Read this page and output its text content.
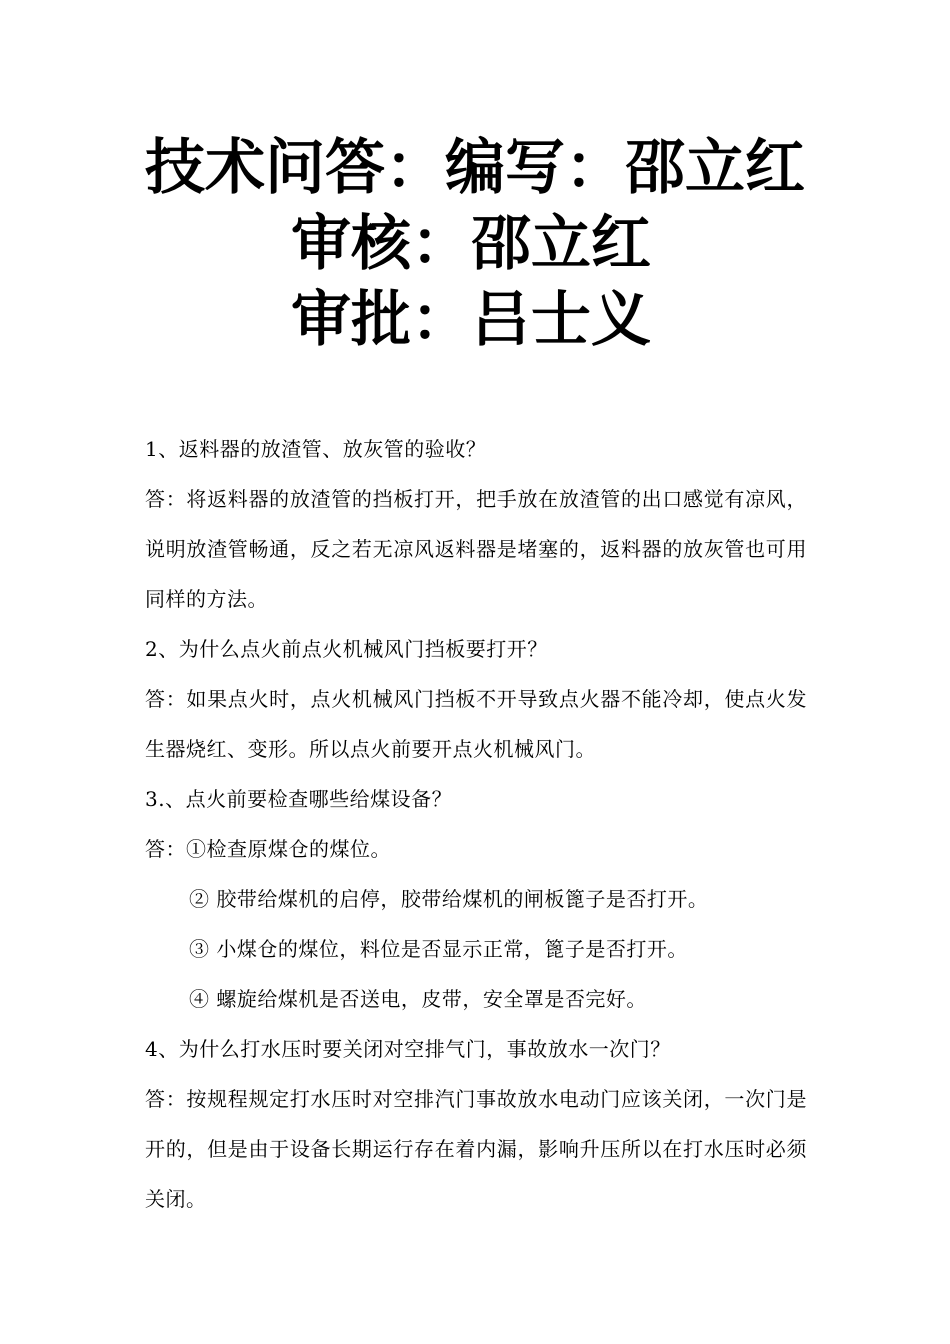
技术问答：编写：邵立红
审核：邵立红
审批：吕士义

1、返料器的放渣管、放灰管的验收？

答：将返料器的放渣管的挡板打开，把手放在放渣管的出口感觉有凉风，说明放渣管畅通，反之若无凉风返料器是堵塞的，返料器的放灰管也可用同样的方法。

2、为什么点火前点火机械风门挡板要打开？

答：如果点火时，点火机械风门挡板不开导致点火器不能冷却，使点火发生器烧红、变形。所以点火前要开点火机械风门。

3.、点火前要检查哪些给煤设备？

答：①检查原煤仓的煤位。

② 胶带给煤机的启停，胶带给煤机的闸板篦子是否打开。

③ 小煤仓的煤位，料位是否显示正常，篦子是否打开。

④ 螺旋给煤机是否送电，皮带，安全罩是否完好。

4、为什么打水压时要关闭对空排气门，事故放水一次门？

答：按规程规定打水压时对空排汽门事故放水电动门应该关闭，一次门是开的，但是由于设备长期运行存在着内漏，影响升压所以在打水压时必须关闭。
